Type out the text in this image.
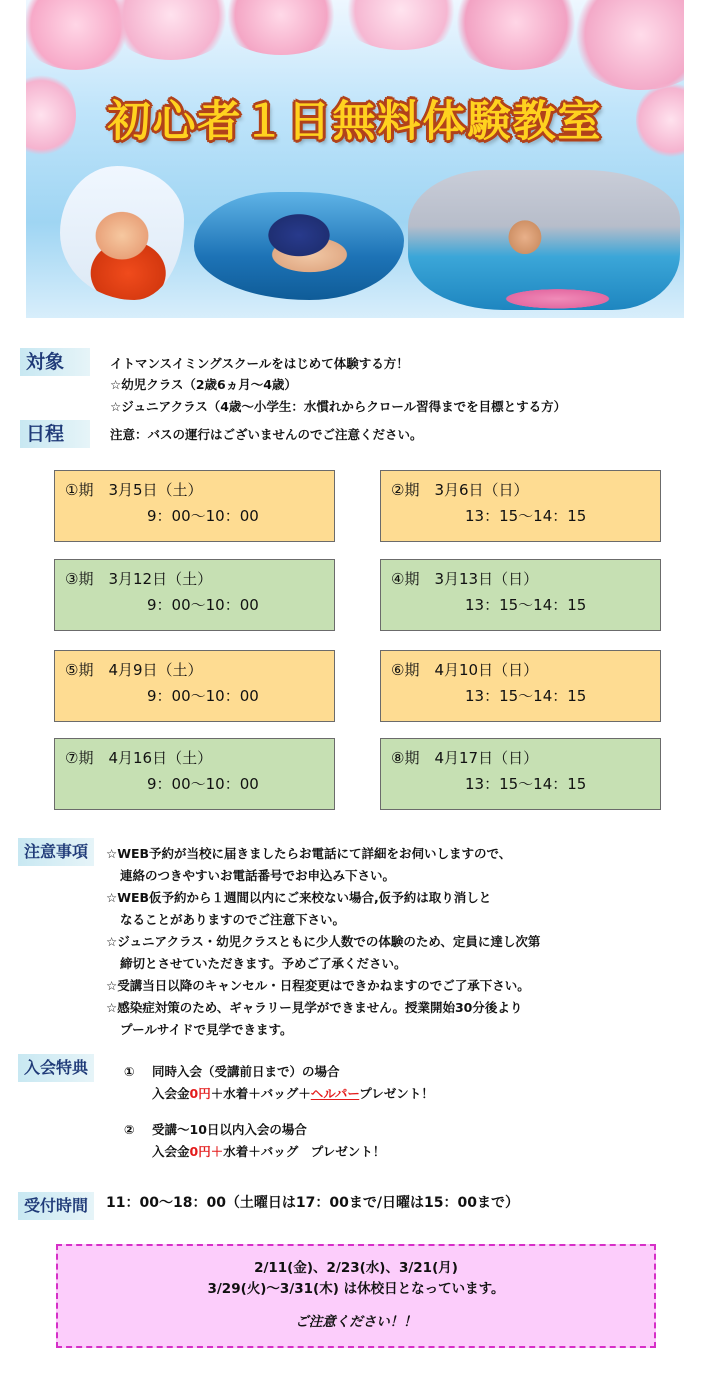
初心者１日無料体験教室
対象	イトマンスイミングスクールをはじめて体験する方！
☆幼児クラス（2歳6ヵ月～4歳）
☆ジュニアクラス（4歳～小学生：水慣れからクロール習得までを目標とする方）
日程	注意：バスの運行はございませんのでご注意ください。
①期　3月5日（土）
9：00～10：00
②期　3月6日（日）
13：15～14：15
③期　3月12日（土）
9：00～10：00
④期　3月13日（日）
13：15～14：15
⑤期　4月9日（土）
9：00～10：00
⑥期　4月10日（日）
13：15～14：15
⑦期　4月16日（土）
9：00～10：00
⑧期　4月17日（日）
13：15～14：15
注意事項	☆WEB予約が当校に届きましたらお電話にて詳細をお伺いしますので、
連絡のつきやすいお電話番号でお申込み下さい。
☆WEB仮予約から１週間以内にご来校ない場合,仮予約は取り消しと
なることがありますのでご注意下さい。
☆ジュニアクラス・幼児クラスともに少人数での体験のため、定員に達し次第
締切とさせていただきます。予めご了承ください。
☆受講当日以降のキャンセル・日程変更はできかねますのでご了承下さい。
☆感染症対策のため、ギャラリー見学ができません。授業開始30分後より
プールサイドで見学できます。
入会特典	① 同時入会（受講前日まで）の場合
入会金0円＋水着＋バッグ＋ヘルパープレゼント！
② 受講～10日以内入会の場合
入会金0円＋水着＋バッグ　プレゼント！
受付時間	11：00～18：00（土曜日は17：00まで/日曜は15：00まで）
2/11(金)、2/23(水)、3/21(月)
3/29(火)～3/31(木) は休校日となっています。
ご注意ください！！
